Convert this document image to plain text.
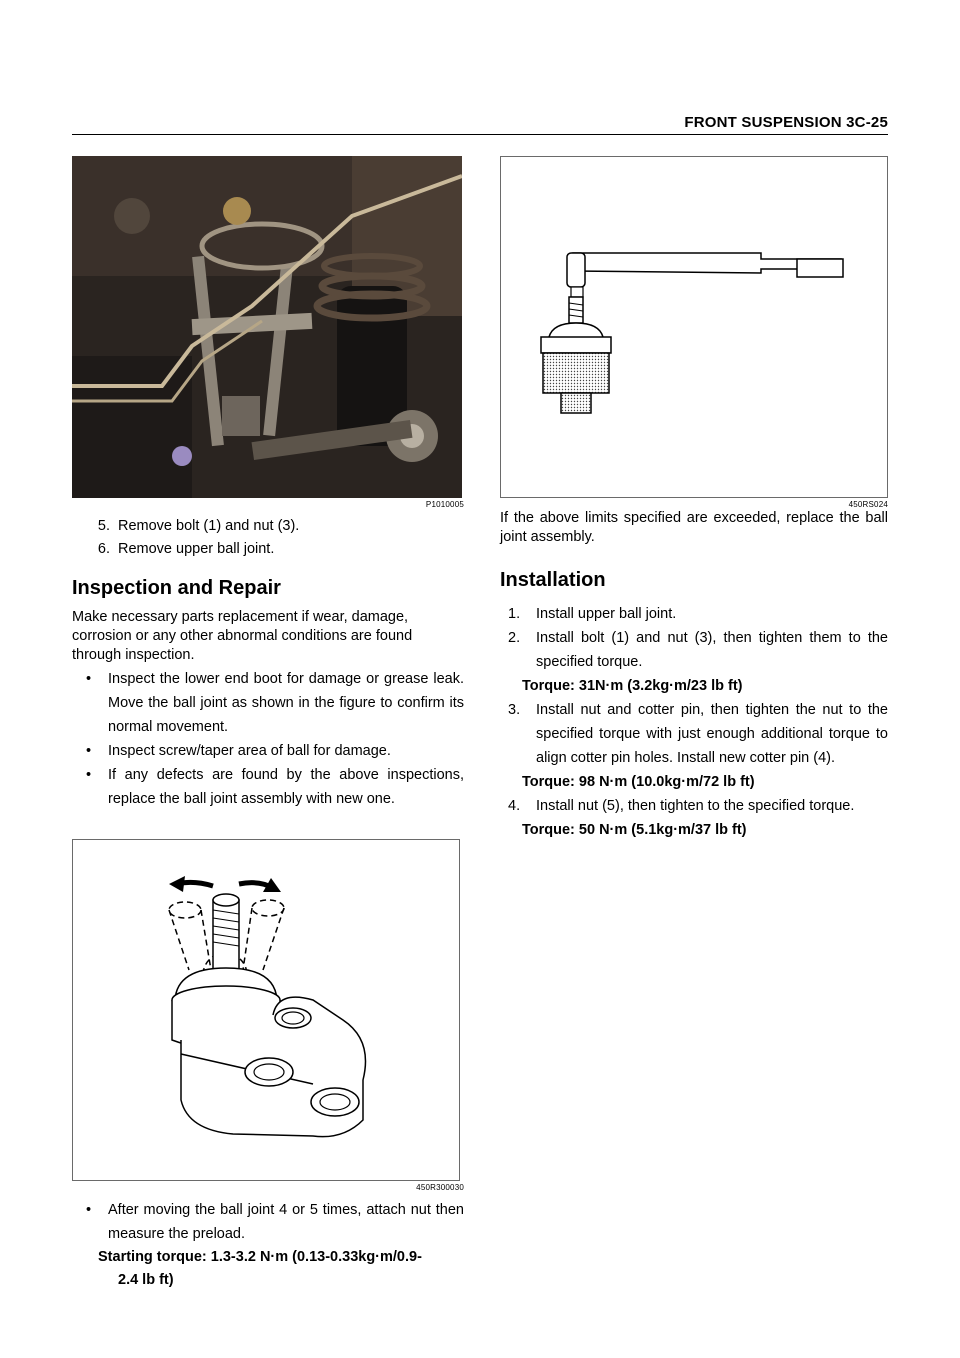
FRONT SUSPENSION 3C-25
P1010005
5. Remove bolt (1) and nut (3).
6. Remove upper ball joint.
Inspection and Repair

Make necessary parts replacement if wear, damage, corrosion or any other abnormal conditions are found through inspection.

• Inspect the lower end boot for damage or grease leak. Move the ball joint as shown in the figure to confirm its normal movement.
• Inspect screw/taper area of ball for damage.
• If any defects are found by the above inspections, replace the ball joint assembly with new one.
450R300030
• After moving the ball joint 4 or 5 times, attach nut then measure the preload.
Starting torque: 1.3-3.2 N·m (0.13-0.33kg·m/0.9-
2.4 lb ft)
450RS024

If the above limits specified are exceeded, replace the ball joint assembly.

Installation
1. Install upper ball joint.
2. Install bolt (1) and nut (3), then tighten them to the specified torque.
Torque: 31N·m (3.2kg·m/23 lb ft)
3. Install nut and cotter pin, then tighten the nut to the specified torque with just enough additional torque to align cotter pin holes. Install new cotter pin (4).
Torque: 98 N·m (10.0kg·m/72 lb ft)
4. Install nut (5), then tighten to the specified torque.
Torque: 50 N·m (5.1kg·m/37 lb ft)
